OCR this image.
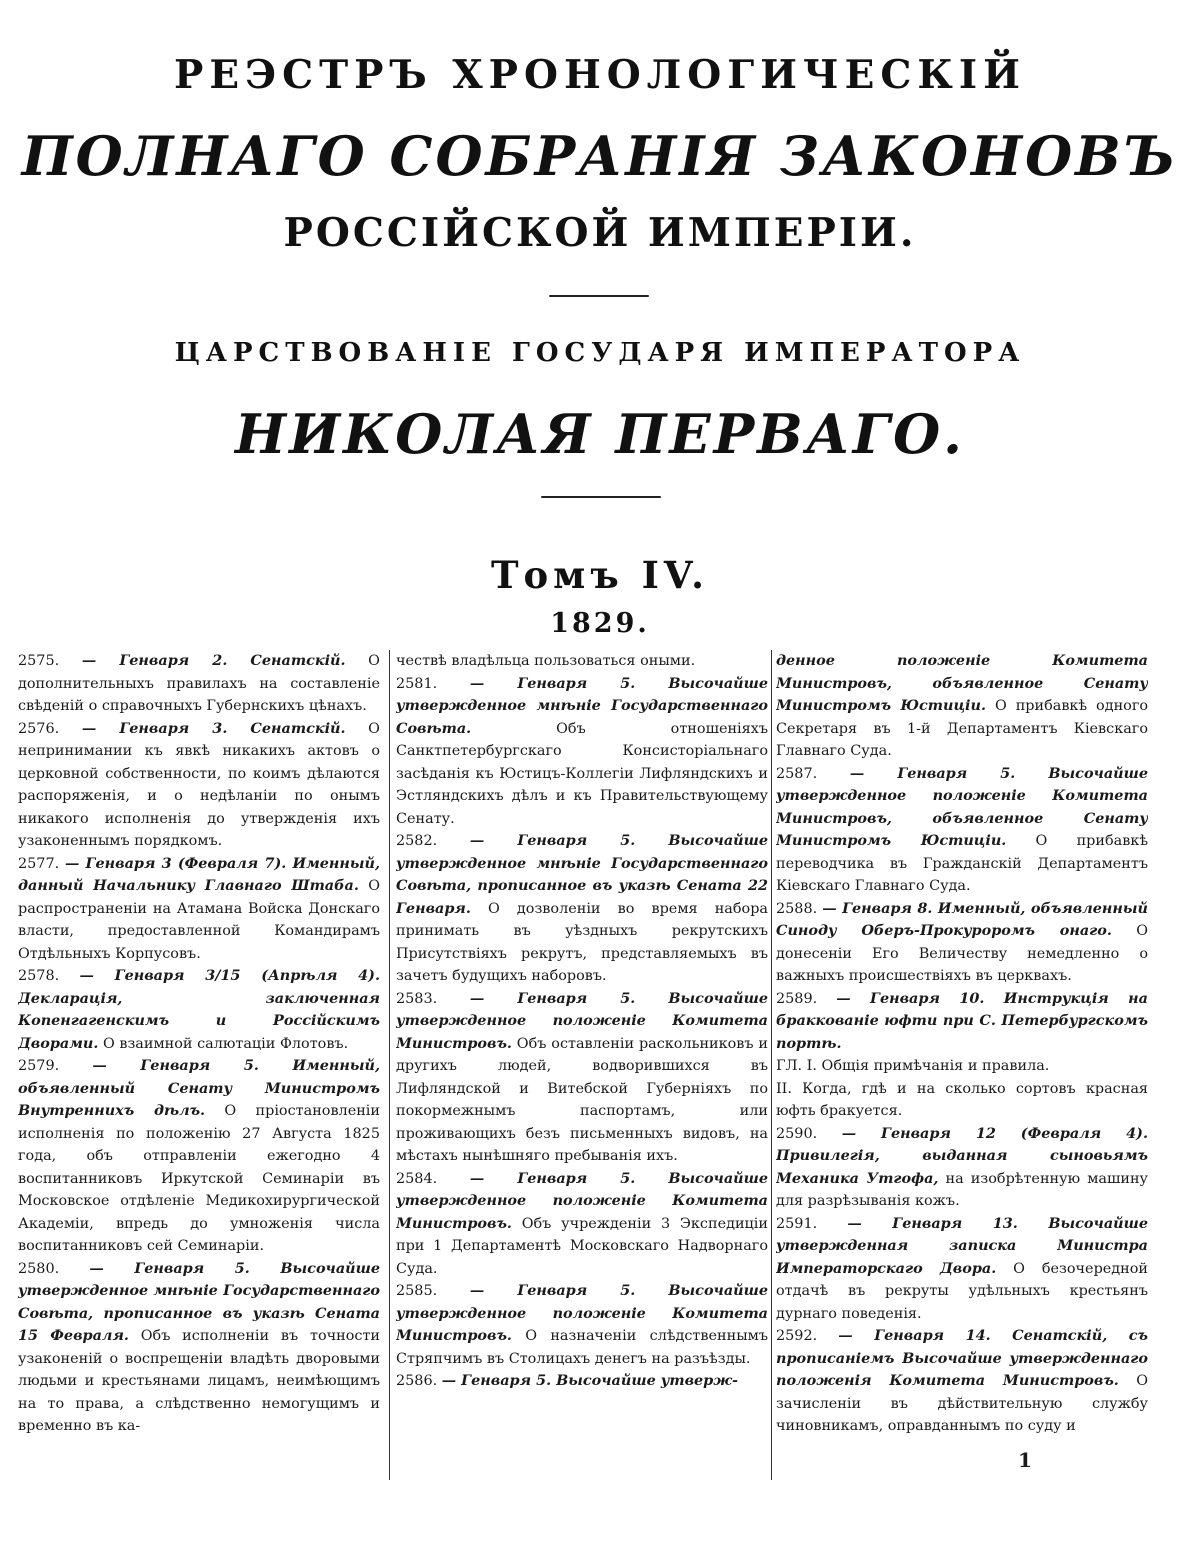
РЕЭСТРЪ ХРОНОЛОГИЧЕСКІЙ
ПОЛНАГО СОБРАНІЯ ЗАКОНОВЪ
РОССІЙСКОЙ ИМПЕРІИ.
ЦАРСТВОВАНІЕ ГОСУДАРЯ ИМПЕРАТОРА
НИКОЛАЯ ПЕРВАГО.
Томъ IV.
1829.

2575. — Генваря 2. Сенатскій. О дополнительныхъ правилахъ на составленіе свѣденій о справочныхъ Губернскихъ цѣнахъ.

2576. — Генваря 3. Сенатскій. О непринимании къ явкѣ никакихъ актовъ о церковной собственности, по коимъ дѣлаются распоряженія, и о недѣланіи по онымъ никакого исполненія до утвержденія ихъ узаконеннымъ порядкомъ.

2577. — Генваря 3 (Февраля 7). Именный, данный Начальнику Главнаго Штаба. О распространеніи на Атамана Войска Донскаго власти, предоставленной Командирамъ Отдѣльныхъ Корпусовъ.

2578. — Генваря 3/15 (Апрѣля 4). Декларація, заключенная Копенгагенскимъ и Россійскимъ Дворами. О взаимной салютаціи Флотовъ.

2579. — Генваря 5. Именный, объявленный Сенату Министромъ Внутреннихъ дѣлъ. О пріостановленіи исполненія по положенію 27 Августа 1825 года, объ отправленіи ежегодно 4 воспитанниковъ Иркутской Семинаріи въ Московское отдѣленіе Медикохирургической Академіи, впредь до умноженія числа воспитанниковъ сей Семинаріи.

2580. — Генваря 5. Высочайше утвержденное мнѣніе Государственнаго Совѣта, прописанное въ указѣ Сената 15 Февраля. Объ исполненіи въ точности узаконеній о воспрещеніи владѣть дворовыми людьми и крестьянами лицамъ, неимѣющимъ на то права, а слѣдственно немогущимъ и временно въ ка-

чествѣ владѣльца пользоваться оными.

2581. — Генваря 5. Высочайше утвержденное мнѣніе Государственнаго Совѣта.	Объ отношеніяхъ Санктпетербургскаго Консисторіальнаго засѣданія къ Юстицъ-Коллегіи Лифляндскихъ и Эстляндскихъ дѣлъ и къ Правительствующему Сенату.

2582. — Генваря 5. Высочайше утвержденное мнѣніе Государственнаго Совѣта, прописанное въ указѣ Сената 22 Генваря. О дозволеніи во время набора принимать въ уѣздныхъ рекрутскихъ Присутствіяхъ рекрутъ, представляемыхъ въ зачетъ будущихъ наборовъ.

2583. — Генваря 5. Высочайше утвержденное положеніе Комитета Министровъ. Объ оставленіи раскольниковъ и другихъ людей, водворившихся въ Лифляндской и Витебской Губерніяхъ по покормежнымъ паспортамъ, или проживающихъ безъ письменныхъ видовъ, на мѣстахъ нынѣшняго пребыванія ихъ.

2584. — Генваря 5. Высочайше утвержденное положеніе Комитета Министровъ. Объ учрежденіи 3 Экспедиціи при 1 Департаментѣ Московскаго Надворнаго Суда.

2585. — Генваря 5. Высочайше утвержденное положеніе Комитета Министровъ. О назначеніи слѣдственнымъ Стряпчимъ въ Столицахъ денегъ на разъѣзды.

2586. — Генваря 5. Высочайше утверж-

денное положеніе Комитета Министровъ, объявленное Сенату Министромъ Юстиціи. О прибавкѣ одного Секретаря въ 1-й Департаментъ Кіевскаго Главнаго Суда.

2587. — Генваря 5. Высочайше утвержденное положеніе Комитета Министровъ, объявленное Сенату Министромъ Юстиціи. О прибавкѣ переводчика въ Гражданскій Департаментъ Кіевскаго Главнаго Суда.

2588. — Генваря 8. Именный, объявленный Синоду Оберъ-Прокуроромъ онаго. О донесеніи Его Величеству немедленно о важныхъ происшествіяхъ въ церквахъ.

2589. — Генваря 10. Инструкція на браккованіе юфти при С. Петербургскомъ портѣ.

ГЛ. I. Общія примѣчанія и правила.

II. Когда, гдѣ и на сколько сортовъ красная юфть бракуется.

2590. — Генваря 12 (Февраля 4). Привилегія, выданная сыновьямъ Механика Утгофа, на изобрѣтенную машину для разрѣзыванія кожъ.

2591. — Генваря 13. Высочайше утвержденная записка Министра Императорскаго Двора. О безочередной отдачѣ въ рекруты удѣльныхъ крестьянъ дурнаго поведенія.

2592. — Генваря 14. Сенатскій, съ прописаніемъ Высочайше утвержденнаго положенія Комитета Министровъ. О зачисленіи въ дѣйствительную службу чиновникамъ, оправданнымъ по суду и

1
